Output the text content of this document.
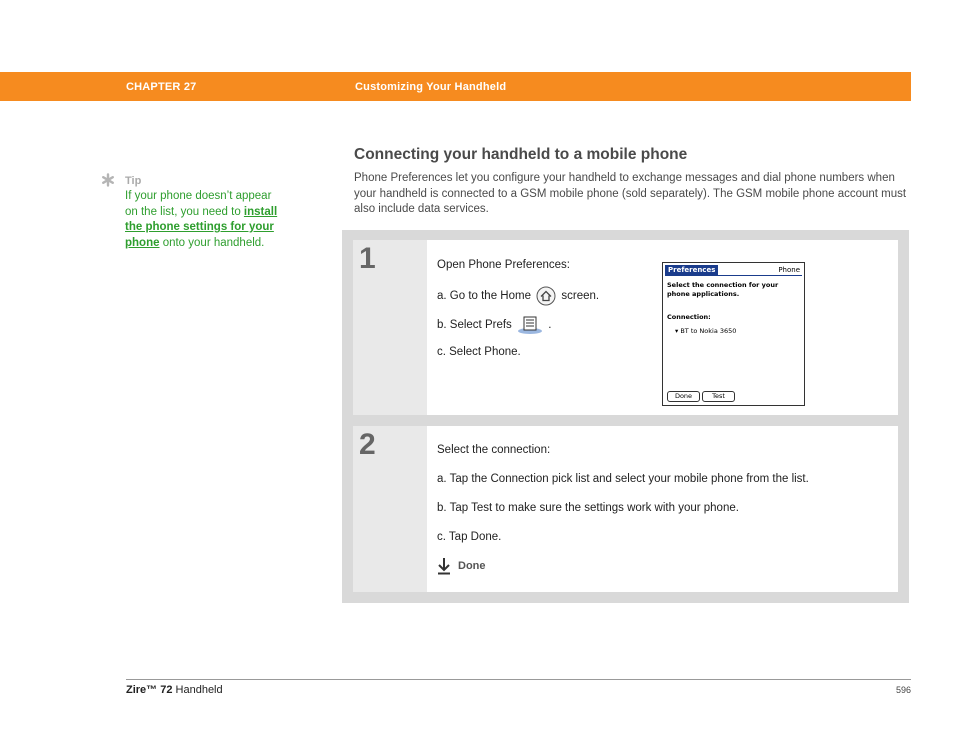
CHAPTER 27	Customizing Your Handheld
Tip
If your phone doesn’t appear on the list, you need to install the phone settings for your phone onto your handheld.
Connecting your handheld to a mobile phone
Phone Preferences let you configure your handheld to exchange messages and dial phone numbers when your handheld is connected to a GSM mobile phone (sold separately). The GSM mobile phone account must also include data services.
1	Open Phone Preferences:
a. Go to the Home	screen.
b. Select Prefs	.
c. Select Phone.
Preferences	Phone
Select the connection for your
phone applications.
Connection:
▾ BT to Nokia 3650
Done	Test
2	Select the connection:
a. Tap the Connection pick list and select your mobile phone from the list.
b. Tap Test to make sure the settings work with your phone.
c. Tap Done.
Done
Zire™ 72 Handheld	596
